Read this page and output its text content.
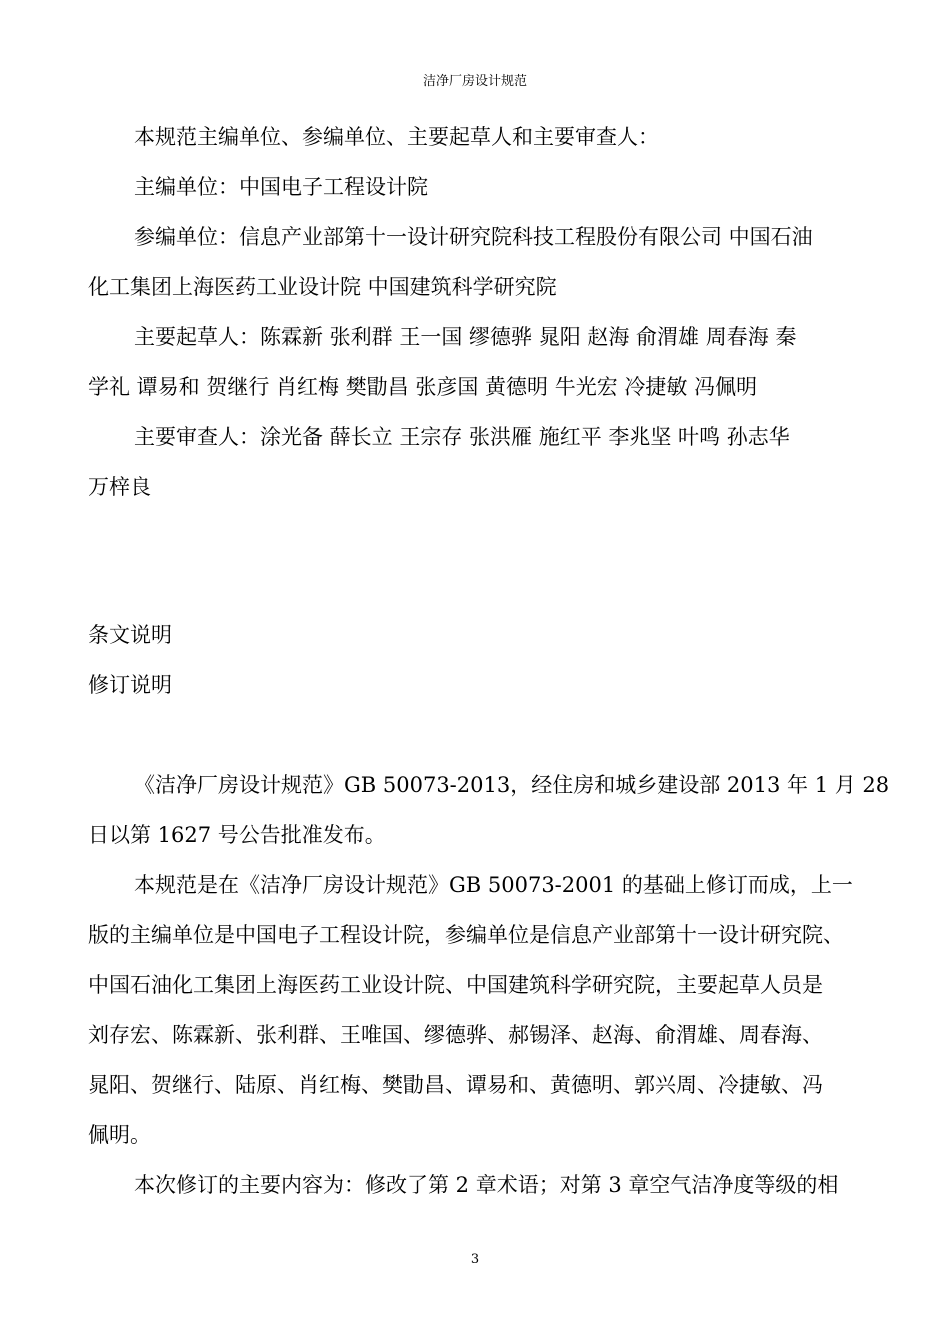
洁净厂房设计规范
本规范主编单位、参编单位、主要起草人和主要审查人：
主编单位：中国电子工程设计院
参编单位：信息产业部第十一设计研究院科技工程股份有限公司 中国石油
化工集团上海医药工业设计院 中国建筑科学研究院
主要起草人：陈霖新 张利群 王一国 缪德骅 晁阳 赵海 俞渭雄 周春海 秦
学礼 谭易和 贺继行 肖红梅 樊勖昌 张彦国 黄德明 牛光宏 冷捷敏 冯佩明
主要审查人：涂光备 薛长立 王宗存 张洪雁 施红平 李兆坚 叶鸣 孙志华
万梓良
条文说明
修订说明
《洁净厂房设计规范》GB 50073-2013，经住房和城乡建设部 2013 年 1 月 28
日以第 1627 号公告批准发布。
本规范是在《洁净厂房设计规范》GB 50073-2001 的基础上修订而成，上一
版的主编单位是中国电子工程设计院，参编单位是信息产业部第十一设计研究院、
中国石油化工集团上海医药工业设计院、中国建筑科学研究院，主要起草人员是
刘存宏、陈霖新、张利群、王唯国、缪德骅、郝锡泽、赵海、俞渭雄、周春海、
晁阳、贺继行、陆原、肖红梅、樊勖昌、谭易和、黄德明、郭兴周、冷捷敏、冯
佩明。
本次修订的主要内容为：修改了第 2 章术语；对第 3 章空气洁净度等级的相
3
